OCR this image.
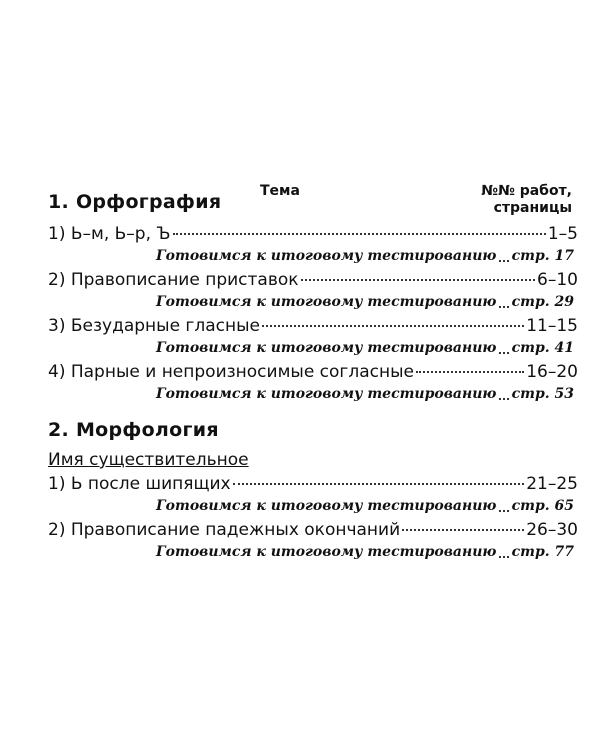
1. Орфография	Тема	№№ работ,
страницы
1) Ь–м, Ь–р, Ъ	1–5
Готовимся к итоговому тестированию стр. 17
2) Правописание приставок	6–10
Готовимся к итоговому тестированию стр. 29
3) Безударные гласные	11–15
Готовимся к итоговому тестированию стр. 41
4) Парные и непроизносимые согласные	16–20
Готовимся к итоговому тестированию стр. 53
2. Морфология
Имя существительное
1) Ь после шипящих	21–25
Готовимся к итоговому тестированию стр. 65
2) Правописание падежных окончаний	26–30
Готовимся к итоговому тестированию стр. 77
